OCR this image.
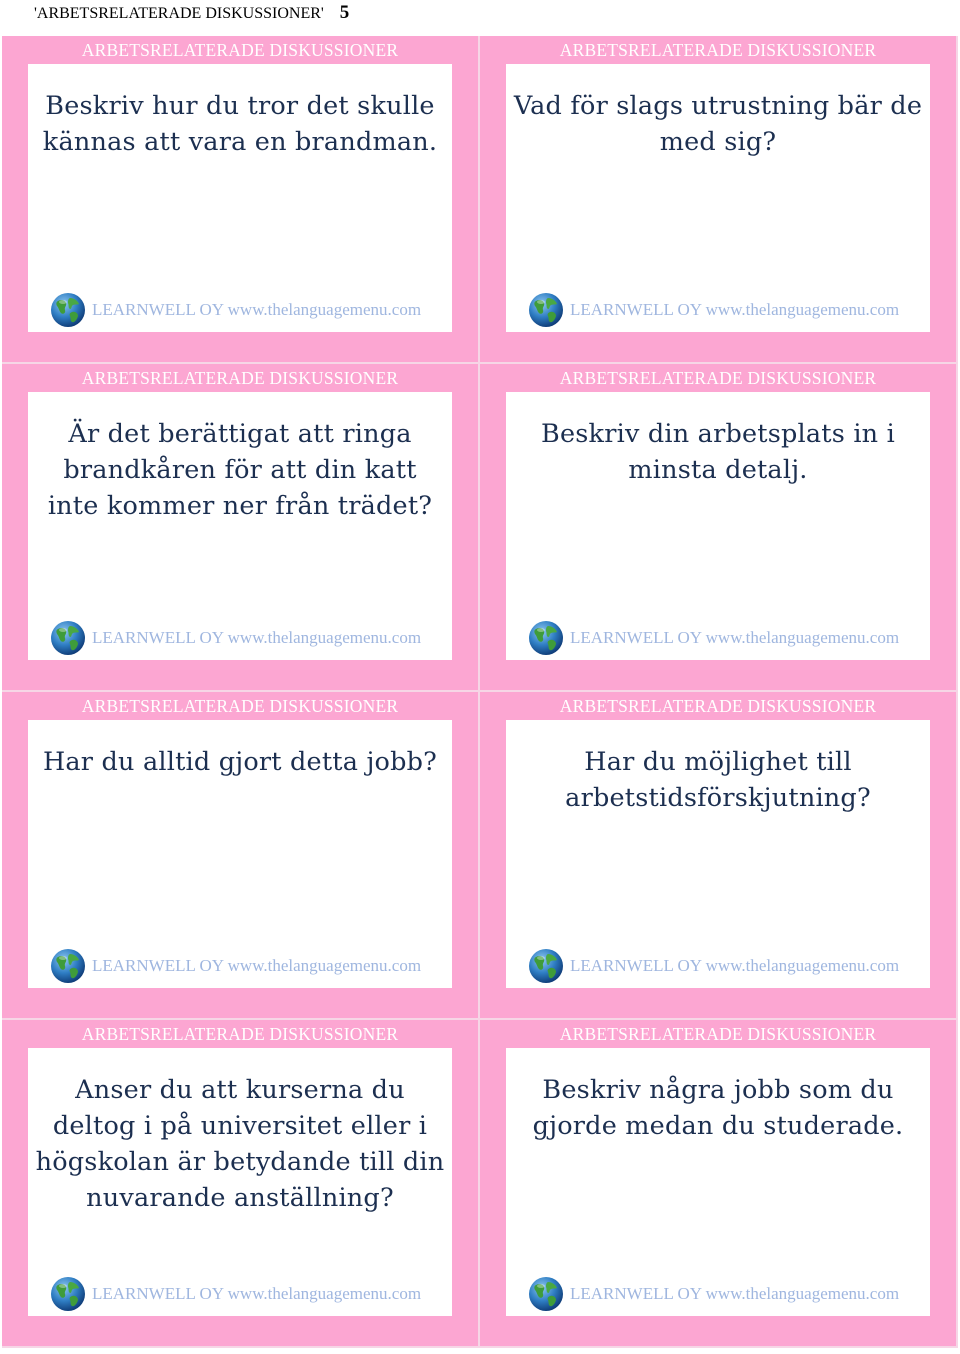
'ARBETSRELATERADE DISKUSSIONER' 5
ARBETSRELATERADE DISKUSSIONER
Beskriv hur du tror det skulle kännas att vara en brandman.
LEARNWELL OY www.thelanguagemenu.com
ARBETSRELATERADE DISKUSSIONER
Vad för slags utrustning bär de med sig?
LEARNWELL OY www.thelanguagemenu.com
ARBETSRELATERADE DISKUSSIONER
Är det berättigat att ringa brandkåren för att din katt inte kommer ner från trädet?
LEARNWELL OY www.thelanguagemenu.com
ARBETSRELATERADE DISKUSSIONER
Beskriv din arbetsplats in i minsta detalj.
LEARNWELL OY www.thelanguagemenu.com
ARBETSRELATERADE DISKUSSIONER
Har du alltid gjort detta jobb?
LEARNWELL OY www.thelanguagemenu.com
ARBETSRELATERADE DISKUSSIONER
Har du möjlighet till arbetstidsförskjutning?
LEARNWELL OY www.thelanguagemenu.com
ARBETSRELATERADE DISKUSSIONER
Anser du att kurserna du deltog i på universitet eller i högskolan är betydande till din nuvarande anställning?
LEARNWELL OY www.thelanguagemenu.com
ARBETSRELATERADE DISKUSSIONER
Beskriv några jobb som du gjorde medan du studerade.
LEARNWELL OY www.thelanguagemenu.com
